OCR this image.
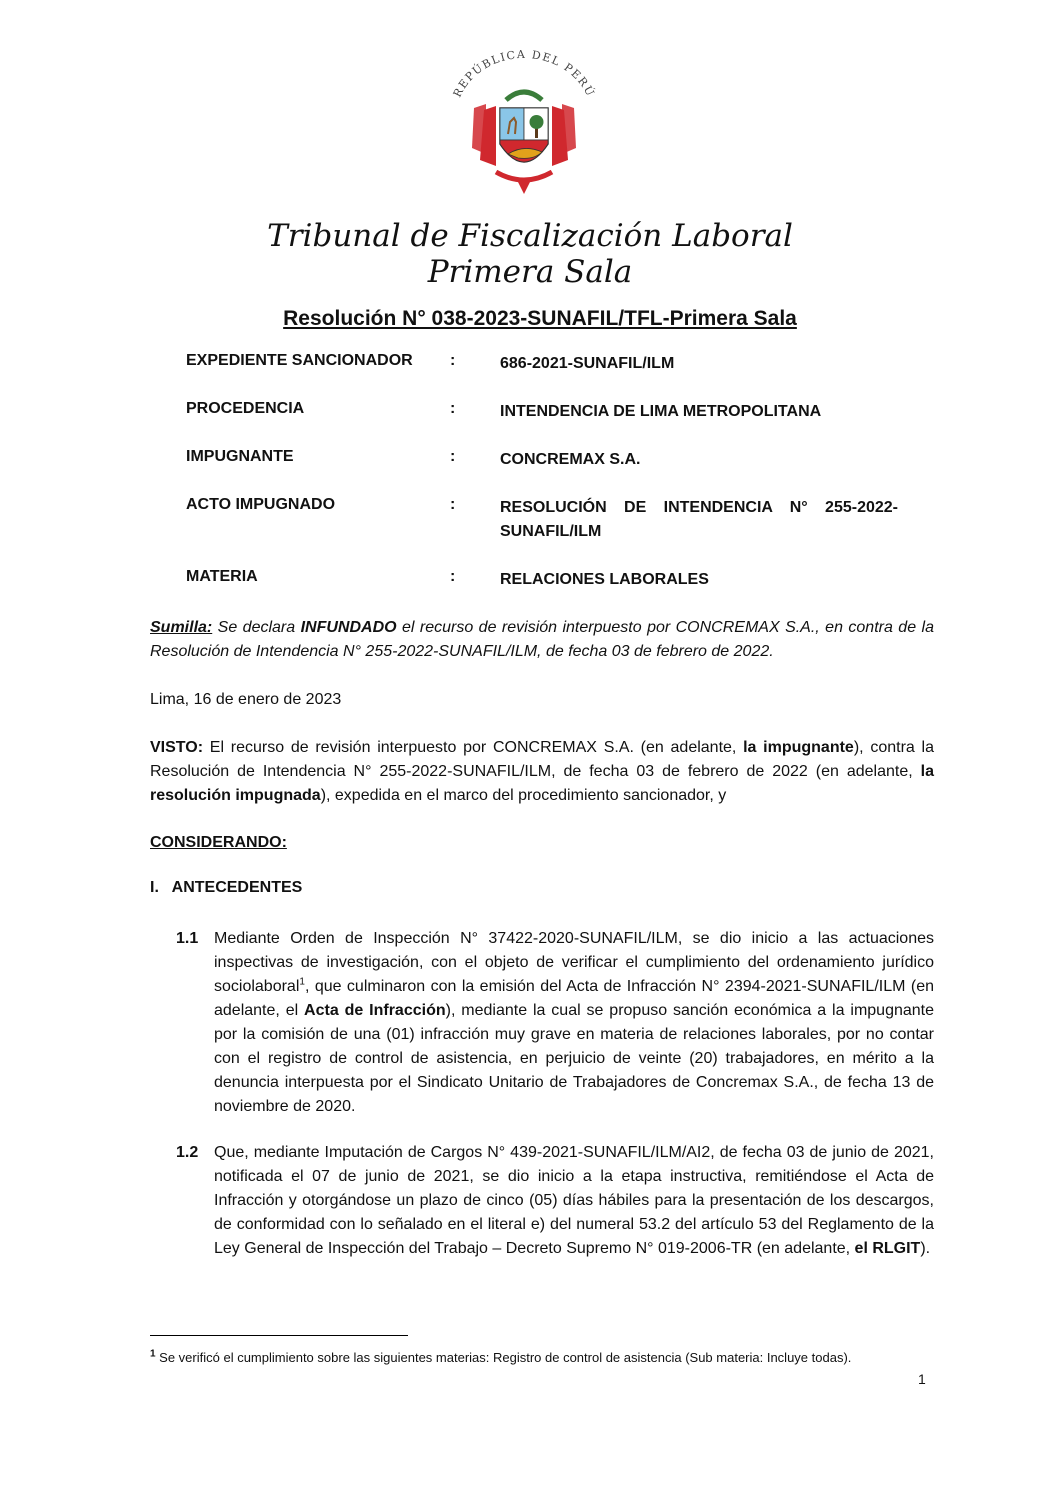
REPÚBLICA DEL PERÚ
Tribunal de Fiscalización Laboral
Primera Sala
Resolución N° 038-2023-SUNAFIL/TFL-Primera Sala
EXPEDIENTE SANCIONADOR	:	686-2021-SUNAFIL/ILM
PROCEDENCIA	:	INTENDENCIA DE LIMA METROPOLITANA
IMPUGNANTE	:	CONCREMAX S.A.
ACTO IMPUGNADO	:	RESOLUCIÓN DE INTENDENCIA N° 255-2022-
SUNAFIL/ILM
MATERIA	:	RELACIONES LABORALES
Sumilla: Se declara INFUNDADO el recurso de revisión interpuesto por CONCREMAX S.A., en contra de la Resolución de Intendencia N° 255-2022-SUNAFIL/ILM, de fecha 03 de febrero de 2022.
Lima, 16 de enero de 2023
VISTO: El recurso de revisión interpuesto por CONCREMAX S.A. (en adelante, la impugnante), contra la Resolución de Intendencia N° 255-2022-SUNAFIL/ILM, de fecha 03 de febrero de 2022 (en adelante, la resolución impugnada), expedida en el marco del procedimiento sancionador, y
CONSIDERANDO:
I.   ANTECEDENTES
1.1 Mediante Orden de Inspección N° 37422-2020-SUNAFIL/ILM, se dio inicio a las actuaciones inspectivas de investigación, con el objeto de verificar el cumplimiento del ordenamiento jurídico sociolaboral$^1$, que culminaron con la emisión del Acta de Infracción N° 2394-2021-SUNAFIL/ILM (en adelante, el Acta de Infracción), mediante la cual se propuso sanción económica a la impugnante por la comisión de una (01) infracción muy grave en materia de relaciones laborales, por no contar con el registro de control de asistencia, en perjuicio de veinte (20) trabajadores, en mérito a la denuncia interpuesta por el Sindicato Unitario de Trabajadores de Concremax S.A., de fecha 13 de noviembre de 2020.
1.2 Que, mediante Imputación de Cargos N° 439-2021-SUNAFIL/ILM/AI2, de fecha 03 de junio de 2021, notificada el 07 de junio de 2021, se dio inicio a la etapa instructiva, remitiéndose el Acta de Infracción y otorgándose un plazo de cinco (05) días hábiles para la presentación de los descargos, de conformidad con lo señalado en el literal e) del numeral 53.2 del artículo 53 del Reglamento de la Ley General de Inspección del Trabajo – Decreto Supremo N° 019-2006-TR (en adelante, el RLGIT).
$^1$ Se verificó el cumplimiento sobre las siguientes materias: Registro de control de asistencia (Sub materia: Incluye todas).
1
